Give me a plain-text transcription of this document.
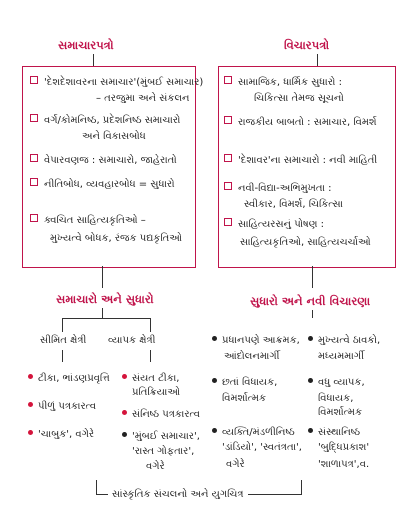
સમાચારપત્રો	વિચારપત્રો
'દેશદેશાવરના સમાચાર'(મુંબઈ સમાચાર)
– તરજુમા અને સંકલન
વર્ગ/કોમનિષ્ઠ, પ્રદેશનિષ્ઠ સમાચારો
અને વિકાસબોધ
વેપારવણજ : સમાચારો, જાહેરાતો
નીતિબોધ, વ્યવહારબોધ = સુધારો
ક્વચિત સાહિત્યકૃતિઓ –
મુખ્યત્વે બોધક, રંજક પદ્યકૃતિઓ
સામાજિક, ધાર્મિક સુધારો :
ચિકિત્સા તેમજ સૂચનો
રાજકીય બાબતો : સમાચાર, વિમર્શ
'દેશાવર'ના સમાચારો : નવી માહિતી
નવી-વિદ્યા-અભિમુખતા :
સ્વીકાર, વિમર્શ, ચિકિત્સા
સાહિત્યરસનું પોષણ :
સાહિત્યકૃતિઓ, સાહિત્યચર્ચાઓ
સમાચારો અને સુધારો	સુધારો અને નવી વિચારણા
સીમિત ક્ષેત્રી વ્યાપક ક્ષેત્રી
ટીકા, ભાંડણપ્રવૃત્તિ
પીળું પત્રકારત્વ
'ચાબુક', વગેરે
સંયત ટીકા,
પ્રતિક્રિયાઓ
સંનિષ્ઠ પત્રકારત્વ
'મુંબઈ સમાચાર',
'રાસ્ત ગોફતાર',
વગેરે
પ્રધાનપણે આક્રમક,
આંદોલનમાર્ગી
છતાં વિધાયક,
વિમર્શાત્મક
વ્યક્તિ/મંડળીનિષ્ઠ
'ડાંડિયો', 'સ્વતંત્રતા',
વગેરે
મુખ્યત્વે ઠાવકો,
મધ્યમમાર્ગી
વધુ વ્યાપક,
વિધાયક,
વિમર્શાત્મક
સંસ્થાનિષ્ઠ
'બુદ્ધિપ્રકાશ'
'શાળાપત્ર',વ.
સાંસ્કૃતિક સંચલનો અને યુગચિત્ર
